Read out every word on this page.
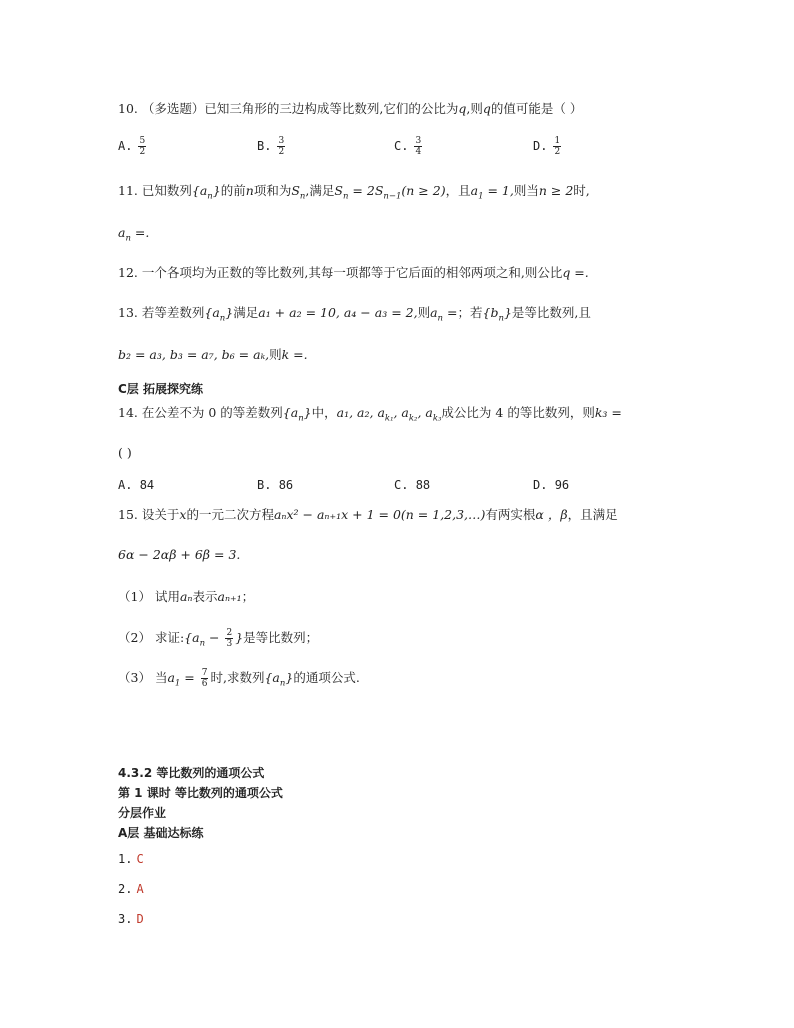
10. （多选题）已知三角形的三边构成等比数列,它们的公比为q,则q的值可能是（ ）
A. $\frac{5}{2}$	B. $\frac{3}{2}$	C. $\frac{3}{4}$	D. $\frac{1}{2}$
11. 已知数列$\{a_n\}$的前n项和为$S_n$,满足$S_n = 2S_{n-1}(n \ge 2)$，且$a_1 = 1$,则当n ≥ 2时,
$a_n$ =.
12. 一个各项均为正数的等比数列,其每一项都等于它后面的相邻两项之和,则公比q =.
13. 若等差数列$\{a_n\}$满足a₁ + a₂ = 10, a₄ − a₃ = 2,则$a_n$ =；若$\{b_n\}$是等比数列,且
b₂ = a₃, b₃ = a₇, b₆ = aₖ,则k =.
C层 拓展探究练
14. 在公差不为 0 的等差数列$\{a_n\}$中，a₁, a₂, $a_{k_1}$, $a_{k_2}$, $a_{k_3}$成公比为 4 的等比数列，则k₃ =
( )
A. 84	B. 86	C. 88	D. 96
15. 设关于x的一元二次方程aₙx² − aₙ₊₁x + 1 = 0(n = 1,2,3,…)有两实根α ，β，且满足
6α − 2αβ + 6β = 3.
（1） 试用aₙ表示aₙ₊₁；
（2） 求证$:\{a_n - \frac{2}{3}$ }是等比数列；
（3） 当$a_1 = \frac{7}{6}$ 时,求数列$\{a_n\}$的通项公式.
4.3.2 等比数列的通项公式
第 1 课时 等比数列的通项公式
分层作业
A层 基础达标练
1. C
2. A
3. D
